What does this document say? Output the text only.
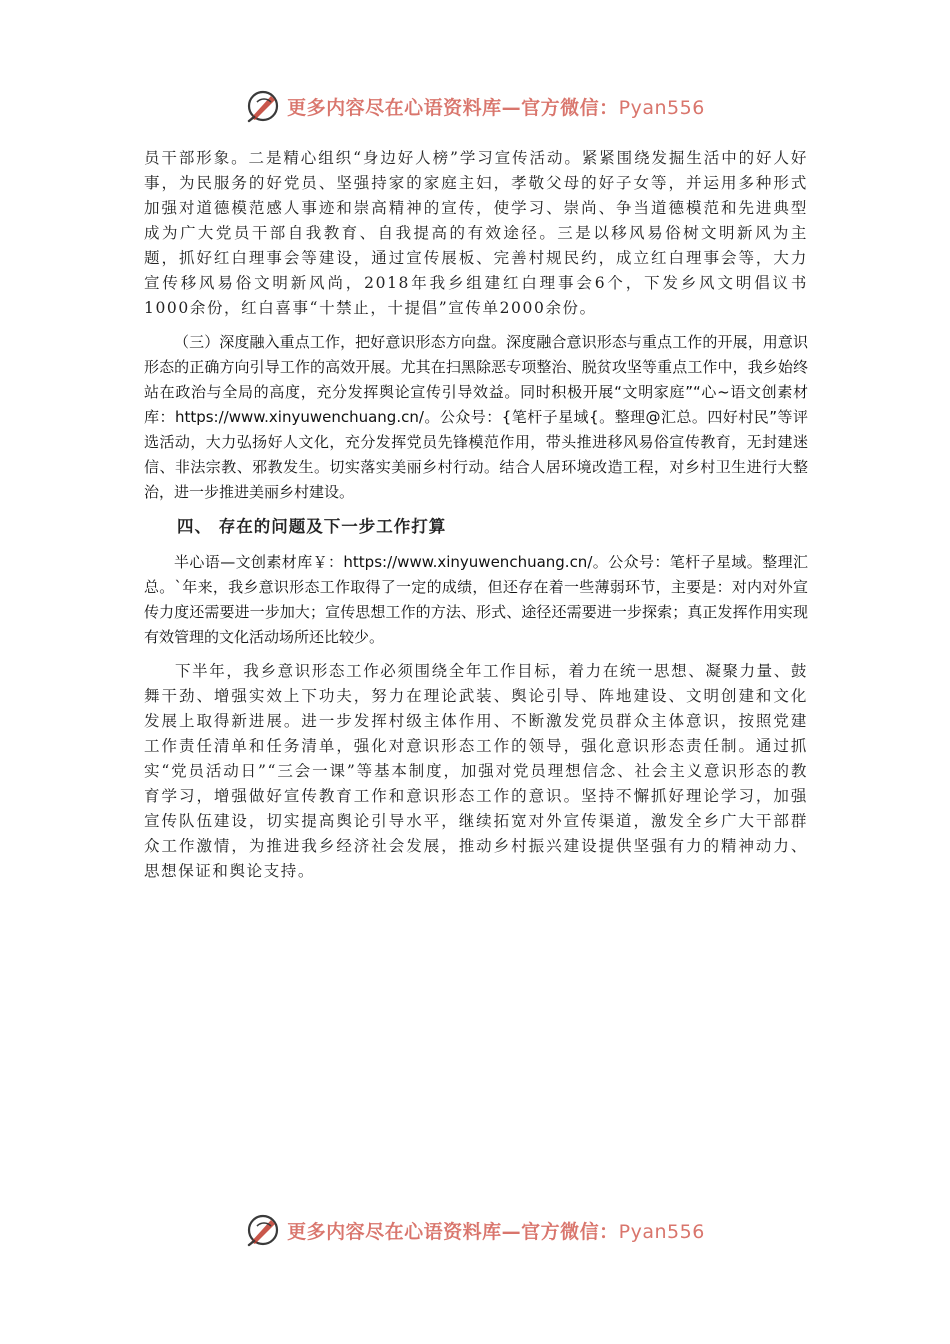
更多内容尽在心语资料库—官方微信：Pyan556

员干部形象。二是精心组织“身边好人榜”学习宣传活动。紧紧围绕发掘生活中的好人好事，为民服务的好党员、坚强持家的家庭主妇，孝敬父母的好子女等，并运用多种形式加强对道德模范感人事迹和崇高精神的宣传，使学习、崇尚、争当道德模范和先进典型成为广大党员干部自我教育、自我提高的有效途径。三是以移风易俗树文明新风为主题，抓好红白理事会等建设，通过宣传展板、完善村规民约，成立红白理事会等，大力宣传移风易俗文明新风尚，2018年我乡组建红白理事会6个，下发乡风文明倡议书1000余份，红白喜事“十禁止，十提倡”宣传单2000余份。

（三）深度融入重点工作，把好意识形态方向盘。深度融合意识形态与重点工作的开展，用意识形态的正确方向引导工作的高效开展。尤其在扫黑除恶专项整治、脱贫攻坚等重点工作中，我乡始终站在政治与全局的高度，充分发挥舆论宣传引导效益。同时积极开展“文明家庭”“心~语文创素材库：https://www.xinyuwenchuang.cn/。公众号：{笔杆子星域{。整理@汇总。四好村民”等评选活动，大力弘扬好人文化，充分发挥党员先锋模范作用，带头推进移风易俗宣传教育，无封建迷信、非法宗教、邪教发生。切实落实美丽乡村行动。结合人居环境改造工程，对乡村卫生进行大整治，进一步推进美丽乡村建设。

四、 存在的问题及下一步工作打算

半心语—文创素材库￥：https://www.xinyuwenchuang.cn/。公众号：笔杆子星域。整理汇总。`年来，我乡意识形态工作取得了一定的成绩，但还存在着一些薄弱环节，主要是：对内对外宣传力度还需要进一步加大；宣传思想工作的方法、形式、途径还需要进一步探索；真正发挥作用实现有效管理的文化活动场所还比较少。

下半年，我乡意识形态工作必须围绕全年工作目标，着力在统一思想、凝聚力量、鼓舞干劲、增强实效上下功夫，努力在理论武装、舆论引导、阵地建设、文明创建和文化发展上取得新进展。进一步发挥村级主体作用、不断激发党员群众主体意识，按照党建工作责任清单和任务清单，强化对意识形态工作的领导，强化意识形态责任制。通过抓实“党员活动日”“三会一课”等基本制度，加强对党员理想信念、社会主义意识形态的教育学习，增强做好宣传教育工作和意识形态工作的意识。坚持不懈抓好理论学习，加强宣传队伍建设，切实提高舆论引导水平，继续拓宽对外宣传渠道，激发全乡广大干部群众工作激情，为推进我乡经济社会发展，推动乡村振兴建设提供坚强有力的精神动力、思想保证和舆论支持。

更多内容尽在心语资料库—官方微信：Pyan556
